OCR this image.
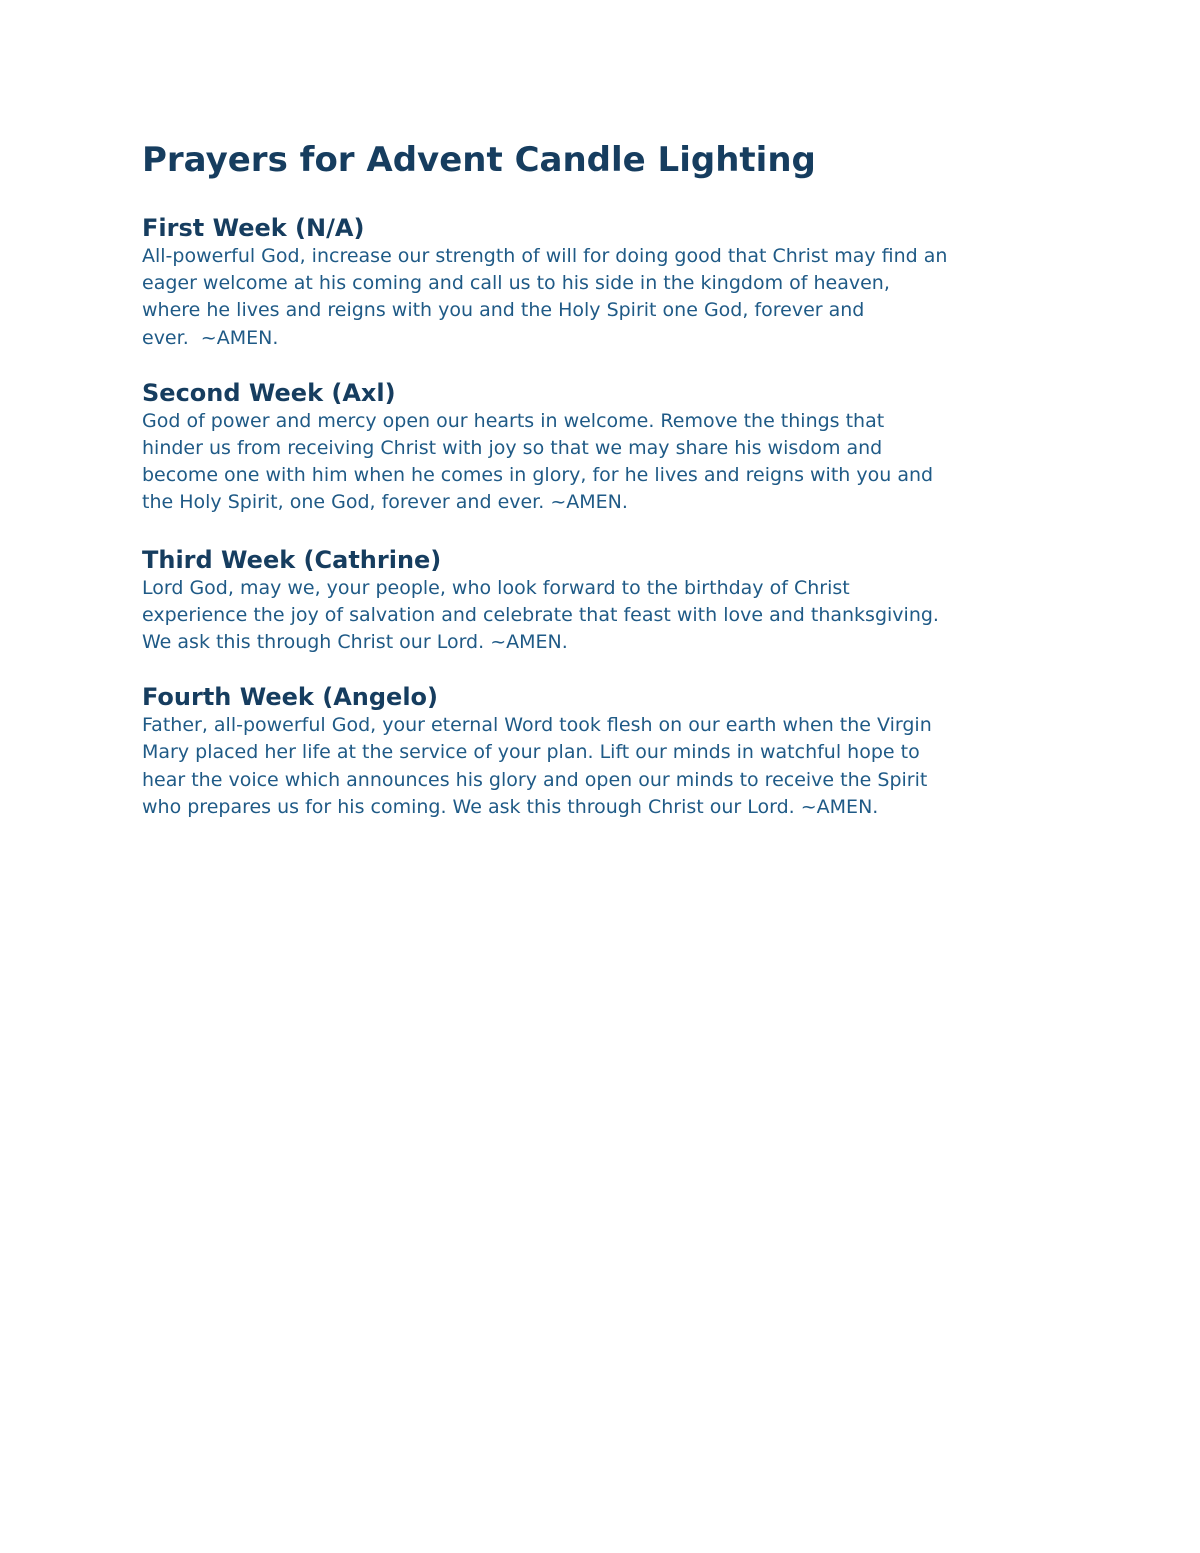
Prayers for Advent Candle Lighting
First Week (N/A)

All-powerful God, increase our strength of will for doing good that Christ may find an
eager welcome at his coming and call us to his side in the kingdom of heaven,
where he lives and reigns with you and the Holy Spirit one God, forever and
ever.  ~AMEN.

Second Week (Axl)

God of power and mercy open our hearts in welcome. Remove the things that
hinder us from receiving Christ with joy so that we may share his wisdom and
become one with him when he comes in glory, for he lives and reigns with you and
the Holy Spirit, one God, forever and ever. ~AMEN.

Third Week (Cathrine)

Lord God, may we, your people, who look forward to the birthday of Christ
experience the joy of salvation and celebrate that feast with love and thanksgiving.
We ask this through Christ our Lord. ~AMEN.

Fourth Week (Angelo)

Father, all-powerful God, your eternal Word took flesh on our earth when the Virgin
Mary placed her life at the service of your plan. Lift our minds in watchful hope to
hear the voice which announces his glory and open our minds to receive the Spirit
who prepares us for his coming. We ask this through Christ our Lord. ~AMEN.
